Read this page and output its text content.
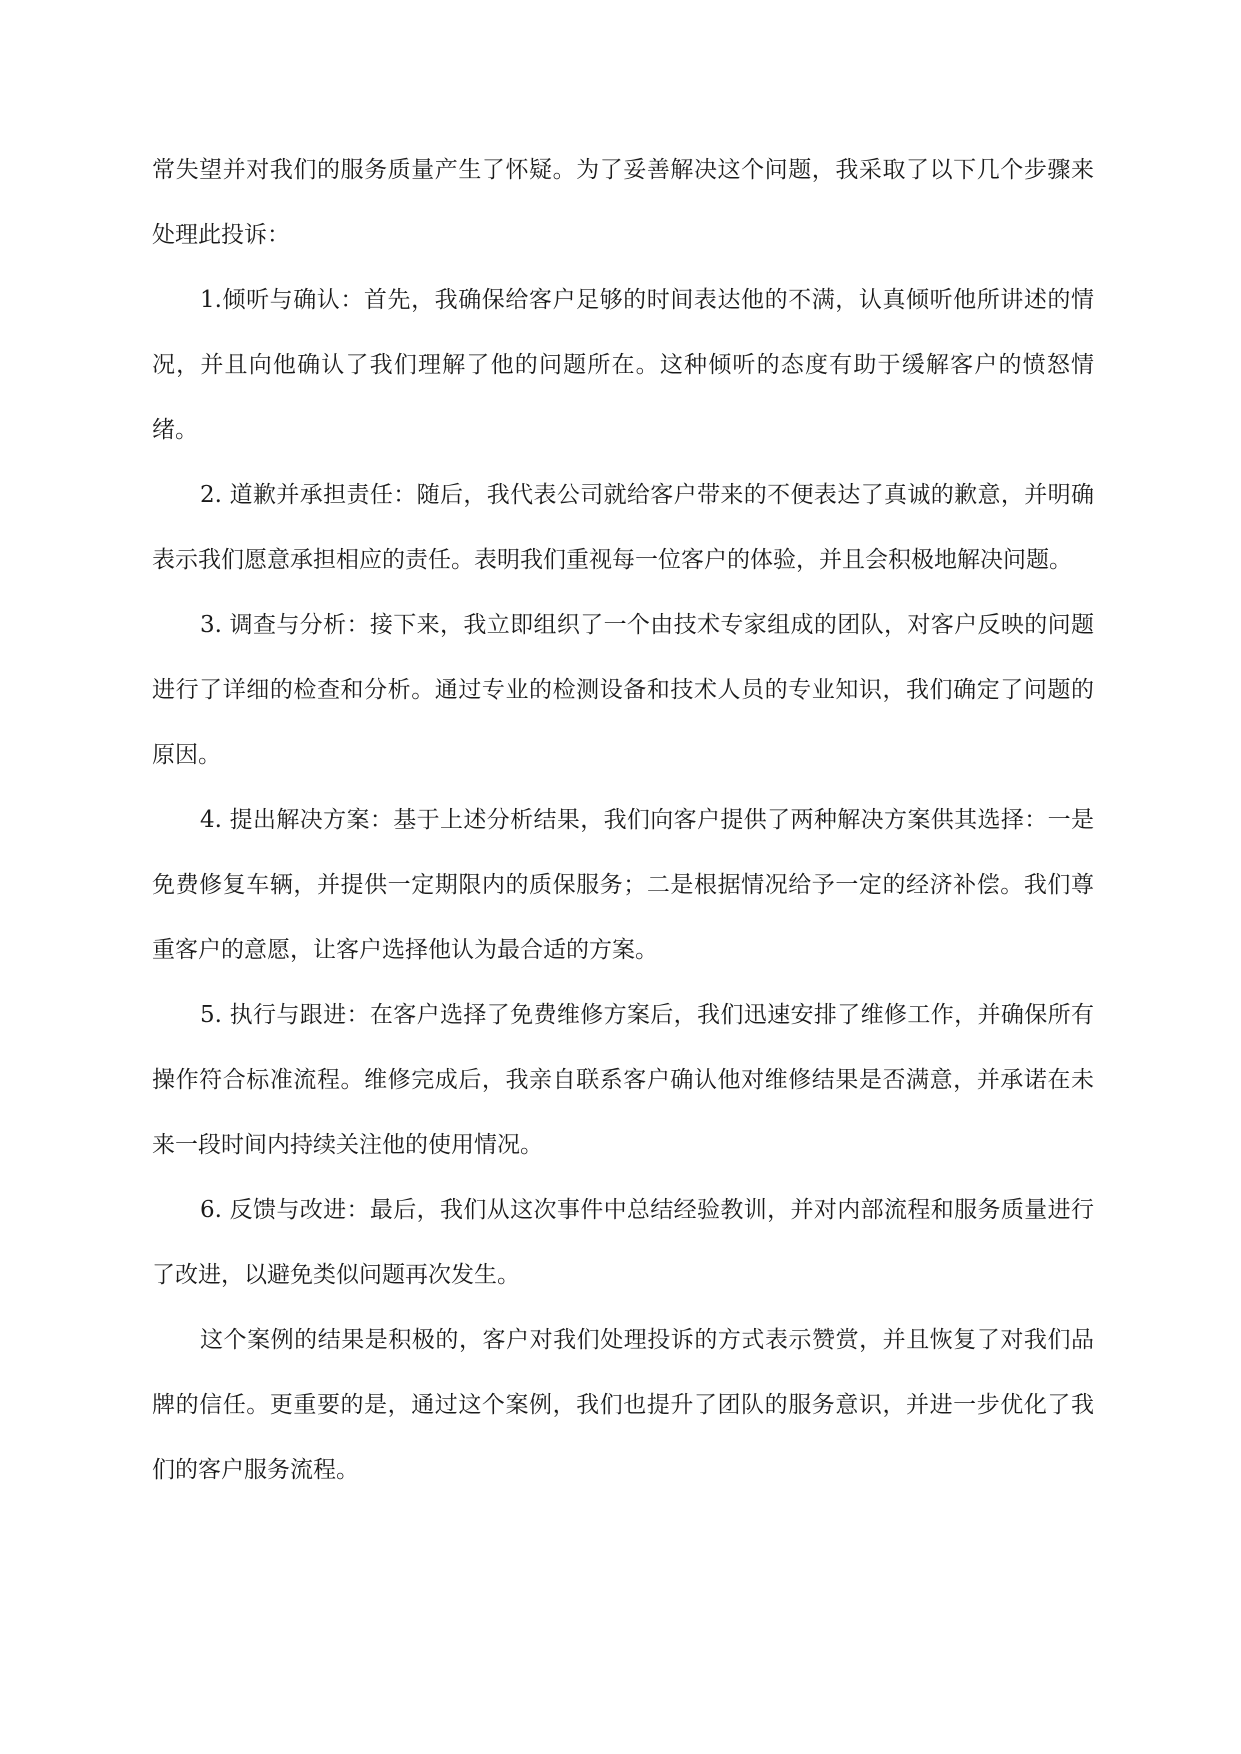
常失望并对我们的服务质量产生了怀疑。为了妥善解决这个问题，我采取了以下几个步骤来处理此投诉：

1.倾听与确认：首先，我确保给客户足够的时间表达他的不满，认真倾听他所讲述的情况，并且向他确认了我们理解了他的问题所在。这种倾听的态度有助于缓解客户的愤怒情绪。

2. 道歉并承担责任：随后，我代表公司就给客户带来的不便表达了真诚的歉意，并明确表示我们愿意承担相应的责任。表明我们重视每一位客户的体验，并且会积极地解决问题。

3. 调查与分析：接下来，我立即组织了一个由技术专家组成的团队，对客户反映的问题进行了详细的检查和分析。通过专业的检测设备和技术人员的专业知识，我们确定了问题的原因。

4. 提出解决方案：基于上述分析结果，我们向客户提供了两种解决方案供其选择：一是免费修复车辆，并提供一定期限内的质保服务；二是根据情况给予一定的经济补偿。我们尊重客户的意愿，让客户选择他认为最合适的方案。

5. 执行与跟进：在客户选择了免费维修方案后，我们迅速安排了维修工作，并确保所有操作符合标准流程。维修完成后，我亲自联系客户确认他对维修结果是否满意，并承诺在未来一段时间内持续关注他的使用情况。

6. 反馈与改进：最后，我们从这次事件中总结经验教训，并对内部流程和服务质量进行了改进，以避免类似问题再次发生。

这个案例的结果是积极的，客户对我们处理投诉的方式表示赞赏，并且恢复了对我们品牌的信任。更重要的是，通过这个案例，我们也提升了团队的服务意识，并进一步优化了我们的客户服务流程。
